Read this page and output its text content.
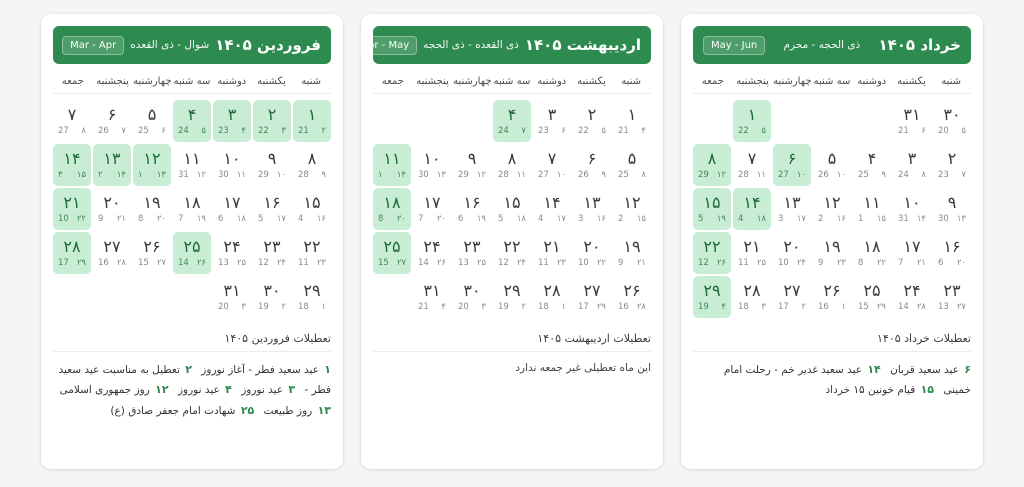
فروردین ۱۴۰۵
شوال - ذی القعده
Mar - Apr
شنبه
یکشنبه
دوشنبه
سه شنبه
چهارشنبه
پنجشنبه
جمعه
۱
۲
21
۲
۳
22
۳
۴
23
۴
۵
24
۵
۶
25
۶
۷
26
۷
۸
27
۸
۹
28
۹
۱۰
29
۱۰
۱۱
30
۱۱
۱۲
31
۱۲
۱۳
۱
۱۳
۱۴
۲
۱۴
۱۵
۳
۱۵
۱۶
4
۱۶
۱۷
5
۱۷
۱۸
6
۱۸
۱۹
7
۱۹
۲۰
8
۲۰
۲۱
9
۲۱
۲۲
10
۲۲
۲۳
11
۲۳
۲۴
12
۲۴
۲۵
13
۲۵
۲۶
14
۲۶
۲۷
15
۲۷
۲۸
16
۲۸
۲۹
17
۲۹
۱
18
۳۰
۲
19
۳۱
۳
20
تعطیلات فروردین ۱۴۰۵
۱ عید سعید فطر - آغاز نوروز ۲ تعطیل به مناسبت عید سعید فطر - ۳ عید نوروز ۴ عید نوروز ۱۲ روز جمهوری اسلامی ۱۳ روز طبیعت ۲۵ شهادت امام جعفر صادق (ع)
اردیبهشت ۱۴۰۵
ذی القعده - ذی الحجه
Apr - May
شنبه
یکشنبه
دوشنبه
سه شنبه
چهارشنبه
پنجشنبه
جمعه
۱
۴
21
۲
۵
22
۳
۶
23
۴
۷
24
۵
۸
25
۶
۹
26
۷
۱۰
27
۸
۱۱
28
۹
۱۲
29
۱۰
۱۳
30
۱۱
۱۴
۱
۱۲
۱۵
2
۱۳
۱۶
3
۱۴
۱۷
4
۱۵
۱۸
5
۱۶
۱۹
6
۱۷
۲۰
7
۱۸
۲۰
8
۱۹
۲۱
9
۲۰
۲۲
10
۲۱
۲۳
11
۲۲
۲۴
12
۲۳
۲۵
13
۲۴
۲۶
14
۲۵
۲۷
15
۲۶
۲۸
16
۲۷
۲۹
17
۲۸
۱
18
۲۹
۲
19
۳۰
۳
20
۳۱
۴
21
تعطیلات اردیبهشت ۱۴۰۵
این ماه تعطیلی غیر جمعه ندارد
خرداد ۱۴۰۵
ذی الحجه - محرم
May - Jun
شنبه
یکشنبه
دوشنبه
سه شنبه
چهارشنبه
پنجشنبه
جمعه
۳۰
۵
20
۳۱
۶
21
۱
۵
22
۲
۷
23
۳
۸
24
۴
۹
25
۵
۱۰
26
۶
۱۰
27
۷
۱۱
28
۸
۱۲
29
۹
۱۳
30
۱۰
۱۴
31
۱۱
۱۵
1
۱۲
۱۶
2
۱۳
۱۷
3
۱۴
۱۸
4
۱۵
۱۹
5
۱۶
۲۰
6
۱۷
۲۱
7
۱۸
۲۲
8
۱۹
۲۳
9
۲۰
۲۴
10
۲۱
۲۵
11
۲۲
۲۶
12
۲۳
۲۷
13
۲۴
۲۸
14
۲۵
۲۹
15
۲۶
۱
16
۲۷
۲
17
۲۸
۳
18
۲۹
۴
19
تعطیلات خرداد ۱۴۰۵
۶ عید سعید قربان ۱۴ عید سعید غدیر خم - رحلت امام خمینی ۱۵ قیام خونین ۱۵ خرداد
